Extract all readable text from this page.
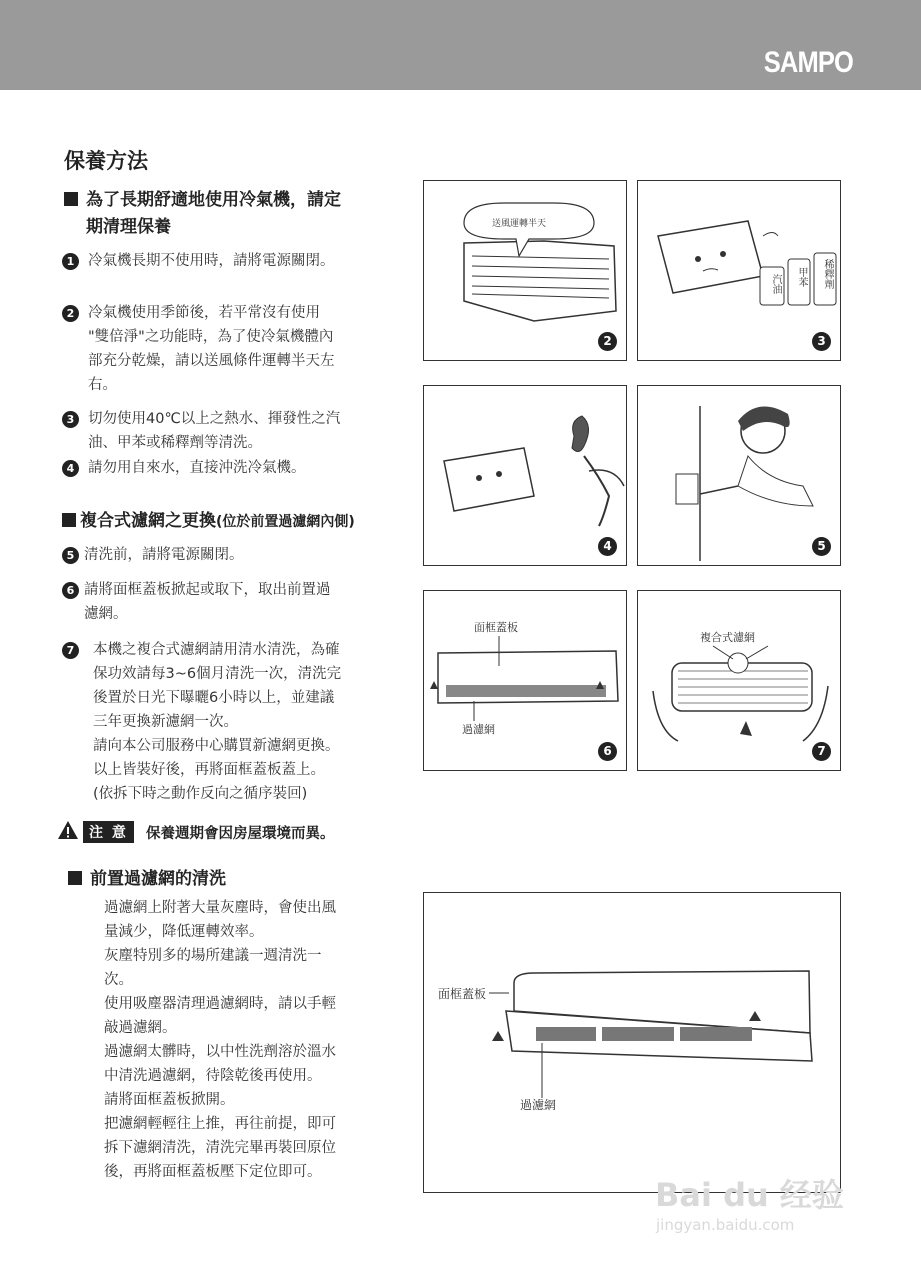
SAMPO
保養方法
為了長期舒適地使用冷氣機，請定
期清理保養
1 冷氣機長期不使用時，請將電源關閉。
2 冷氣機使用季節後，若平常沒有使用
"雙倍淨"之功能時，為了使冷氣機體內
部充分乾燥，請以送風條件運轉半天左
右。
3 切勿使用40℃以上之熱水、揮發性之汽
油、甲苯或稀釋劑等清洗。
4 請勿用自來水，直接沖洗冷氣機。
複合式濾網之更換(位於前置過濾網內側)
5 清洗前，請將電源關閉。
6 請將面框蓋板掀起或取下，取出前置過
濾網。
7	本機之複合式濾網請用清水清洗，為確
保功效請每3~6個月清洗一次，清洗完
後置於日光下曝曬6小時以上，並建議
三年更換新濾網一次。
請向本公司服務中心購買新濾網更換。
以上皆裝好後，再將面框蓋板蓋上。
(依拆下時之動作反向之循序裝回)
注 意	保養週期會因房屋環境而異。
前置過濾網的清洗
過濾網上附著大量灰塵時，會使出風
量減少，降低運轉效率。
灰塵特別多的場所建議一週清洗一
次。
使用吸塵器清理過濾網時，請以手輕
敲過濾網。
過濾網太髒時，以中性洗劑溶於溫水
中清洗過濾網，待陰乾後再使用。
請將面框蓋板掀開。
把濾網輕輕往上推，再往前提，即可
拆下濾網清洗，清洗完畢再裝回原位
後，再將面框蓋板壓下定位即可。
送風運轉半天
2
汽油 甲苯 稀釋劑
3
4	5
面框蓋板
過濾網
6
複合式濾網
7
面框蓋板
過濾網
Bai du 经验
jingyan.baidu.com
